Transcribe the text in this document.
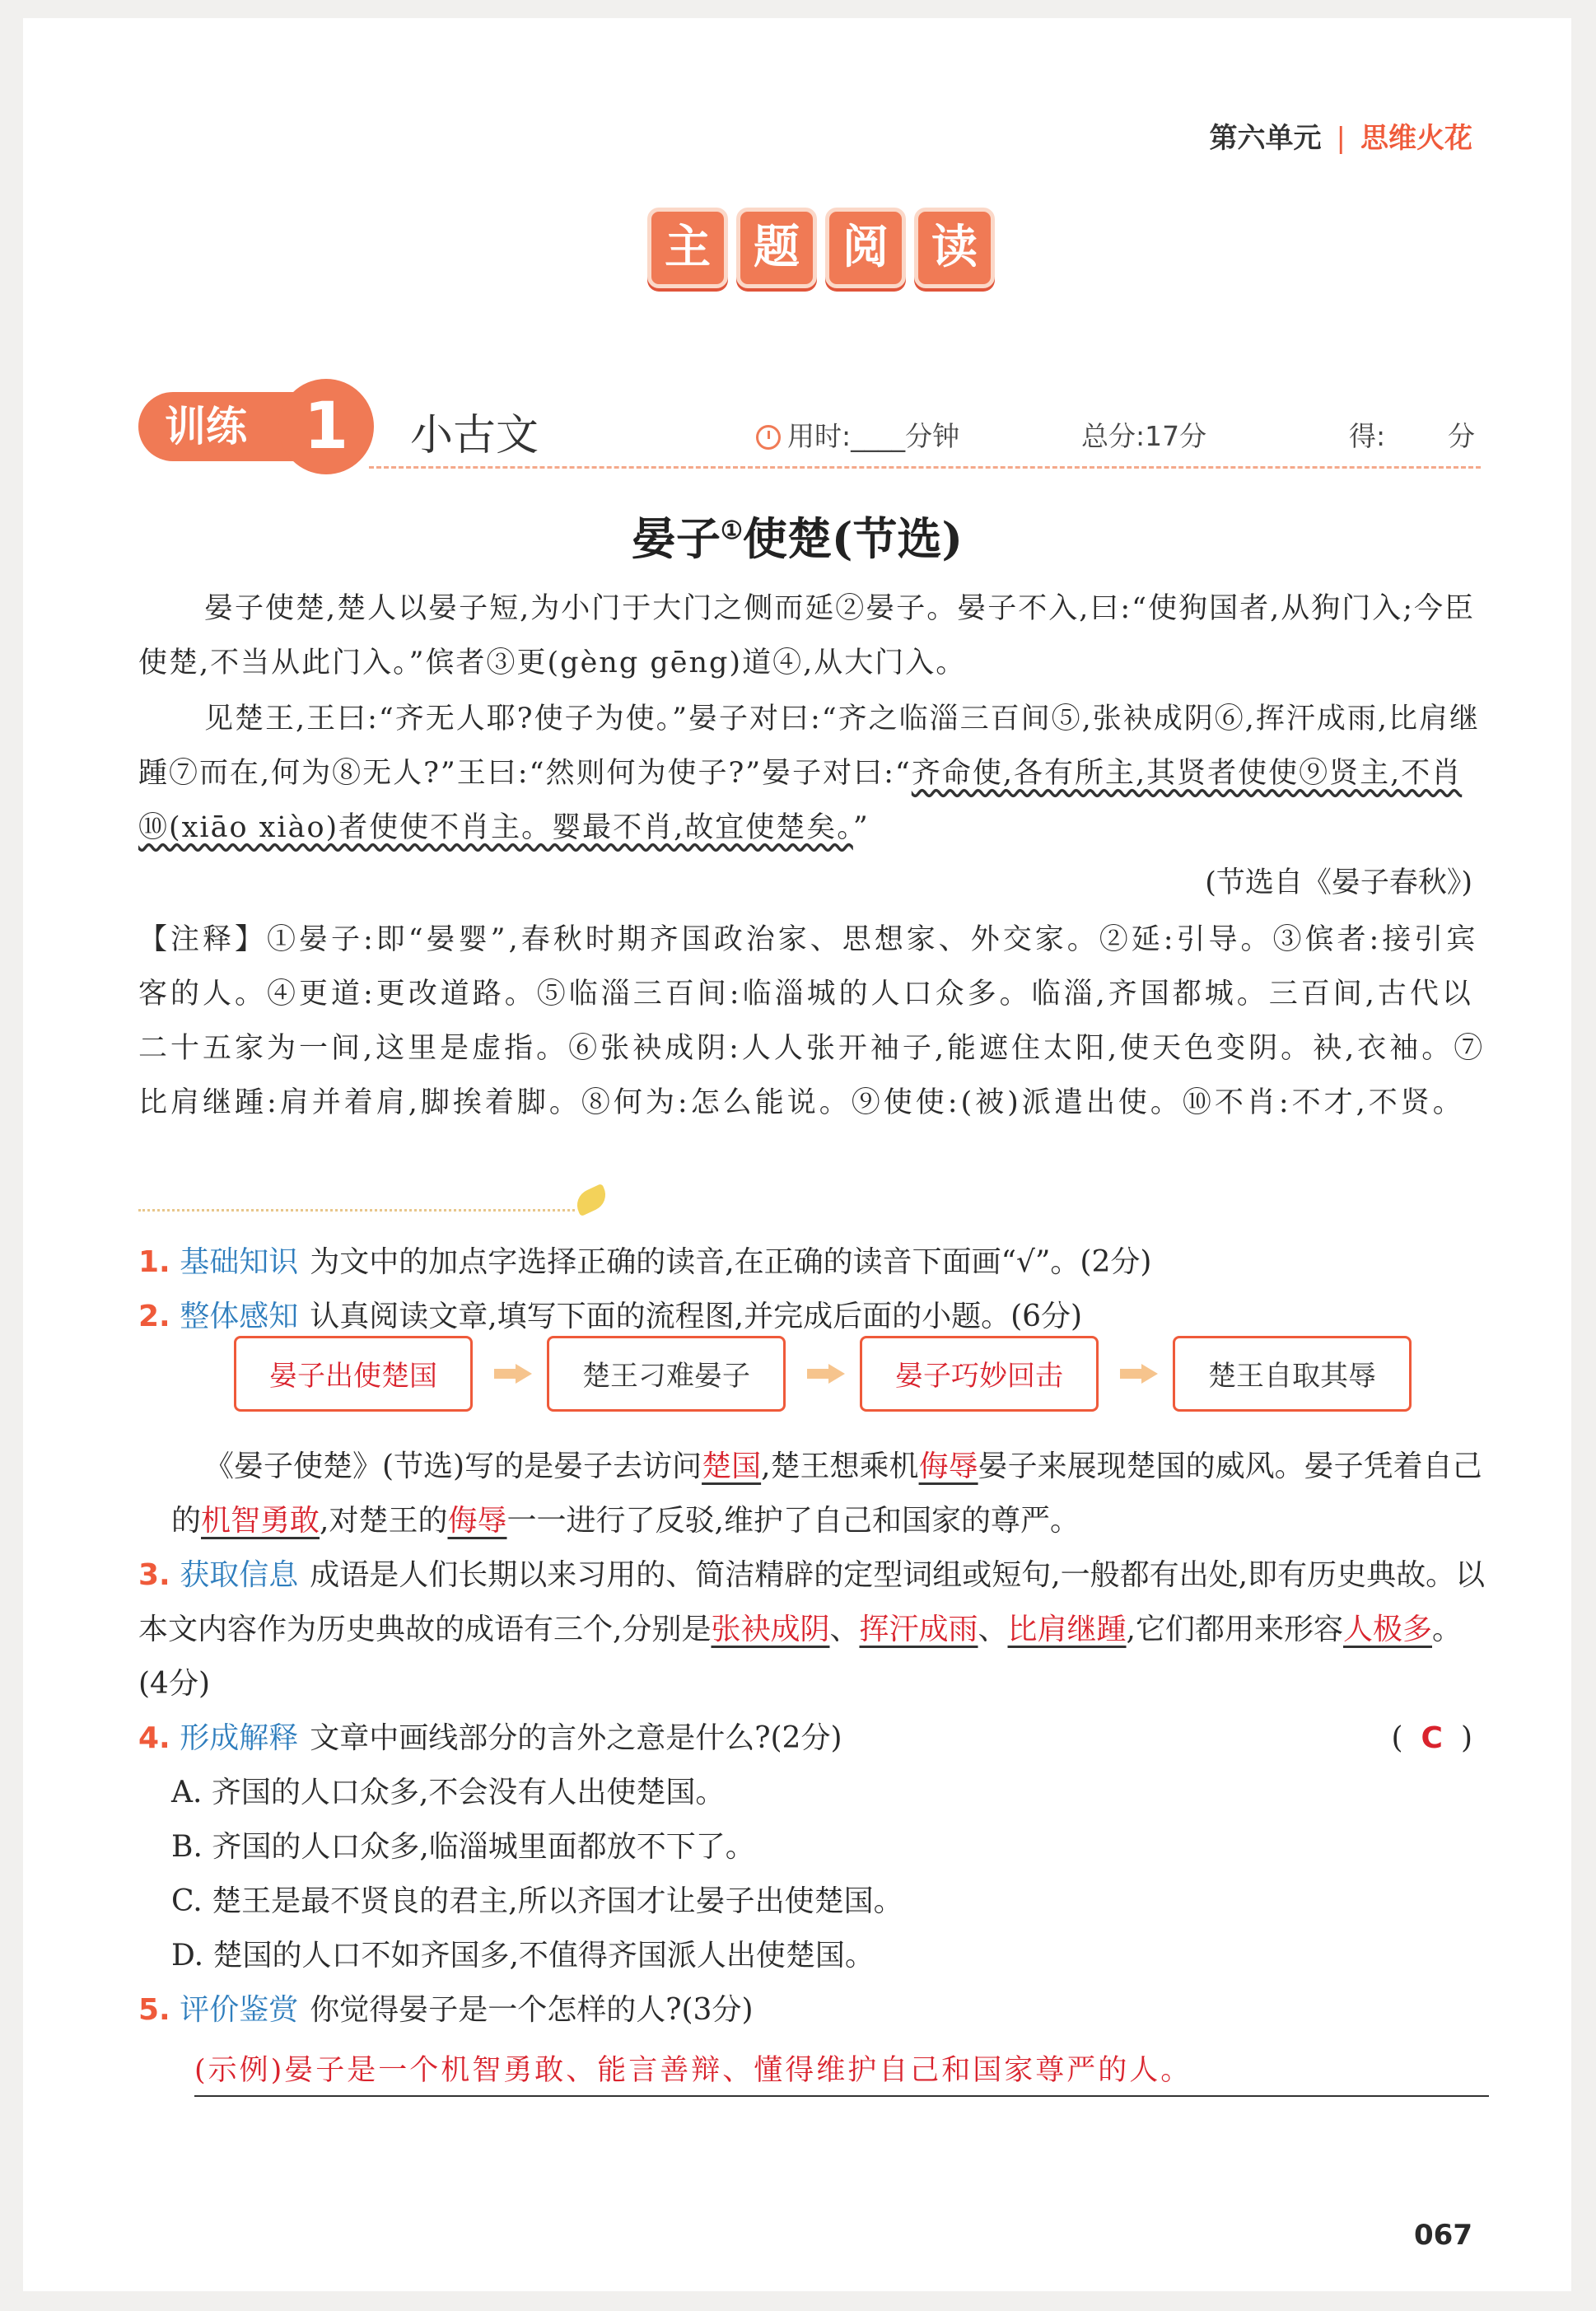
第六单元 | 思维火花
主 题 阅 读
训练 1	小古文	用时:____分钟	总分:17分	得: 分
晏子①使楚(节选)
晏子使楚,楚人以晏子短,为小门于大门之侧而延②晏子。晏子不入,曰:“使狗国者,从狗门入;今臣使楚,不当从此门入。”傧者③更(gèng gēng)道④,从大门入。
见楚王,王曰:“齐无人耶?使子为使。”晏子对曰:“齐之临淄三百间⑤,张袂成阴⑥,挥汗成雨,比肩继踵⑦而在,何为⑧无人?”王曰:“然则何为使子?”晏子对曰:“齐命使,各有所主,其贤者使使⑨贤主,不肖⑩(xiāo xiào)者使使不肖主。婴最不肖,故宜使楚矣。”
(节选自《晏子春秋》)
【注释】①晏子:即“晏婴”,春秋时期齐国政治家、思想家、外交家。②延:引导。③傧者:接引宾客的人。④更道:更改道路。⑤临淄三百间:临淄城的人口众多。临淄,齐国都城。三百间,古代以二十五家为一间,这里是虚指。⑥张袂成阴:人人张开袖子,能遮住太阳,使天色变阴。袂,衣袖。⑦比肩继踵:肩并着肩,脚挨着脚。⑧何为:怎么能说。⑨使使:(被)派遣出使。⑩不肖:不才,不贤。
1. 基础知识 为文中的加点字选择正确的读音,在正确的读音下面画“√”。(2分)
2. 整体感知 认真阅读文章,填写下面的流程图,并完成后面的小题。(6分)
晏子出使楚国	楚王刁难晏子	晏子巧妙回击	楚王自取其辱
《晏子使楚》(节选)写的是晏子去访问楚国,楚王想乘机侮辱晏子来展现楚国的威风。晏子凭着自己的机智勇敢,对楚王的侮辱一一进行了反驳,维护了自己和国家的尊严。
3. 获取信息 成语是人们长期以来习用的、简洁精辟的定型词组或短句,一般都有出处,即有历史典故。以本文内容作为历史典故的成语有三个,分别是张袂成阴、挥汗成雨、比肩继踵,它们都用来形容人极多。(4分)
4. 形成解释 文章中画线部分的言外之意是什么?(2分)	( C )
A. 齐国的人口众多,不会没有人出使楚国。
B. 齐国的人口众多,临淄城里面都放不下了。
C. 楚王是最不贤良的君主,所以齐国才让晏子出使楚国。
D. 楚国的人口不如齐国多,不值得齐国派人出使楚国。
5. 评价鉴赏 你觉得晏子是一个怎样的人?(3分)
(示例)晏子是一个机智勇敢、能言善辩、懂得维护自己和国家尊严的人。
067
